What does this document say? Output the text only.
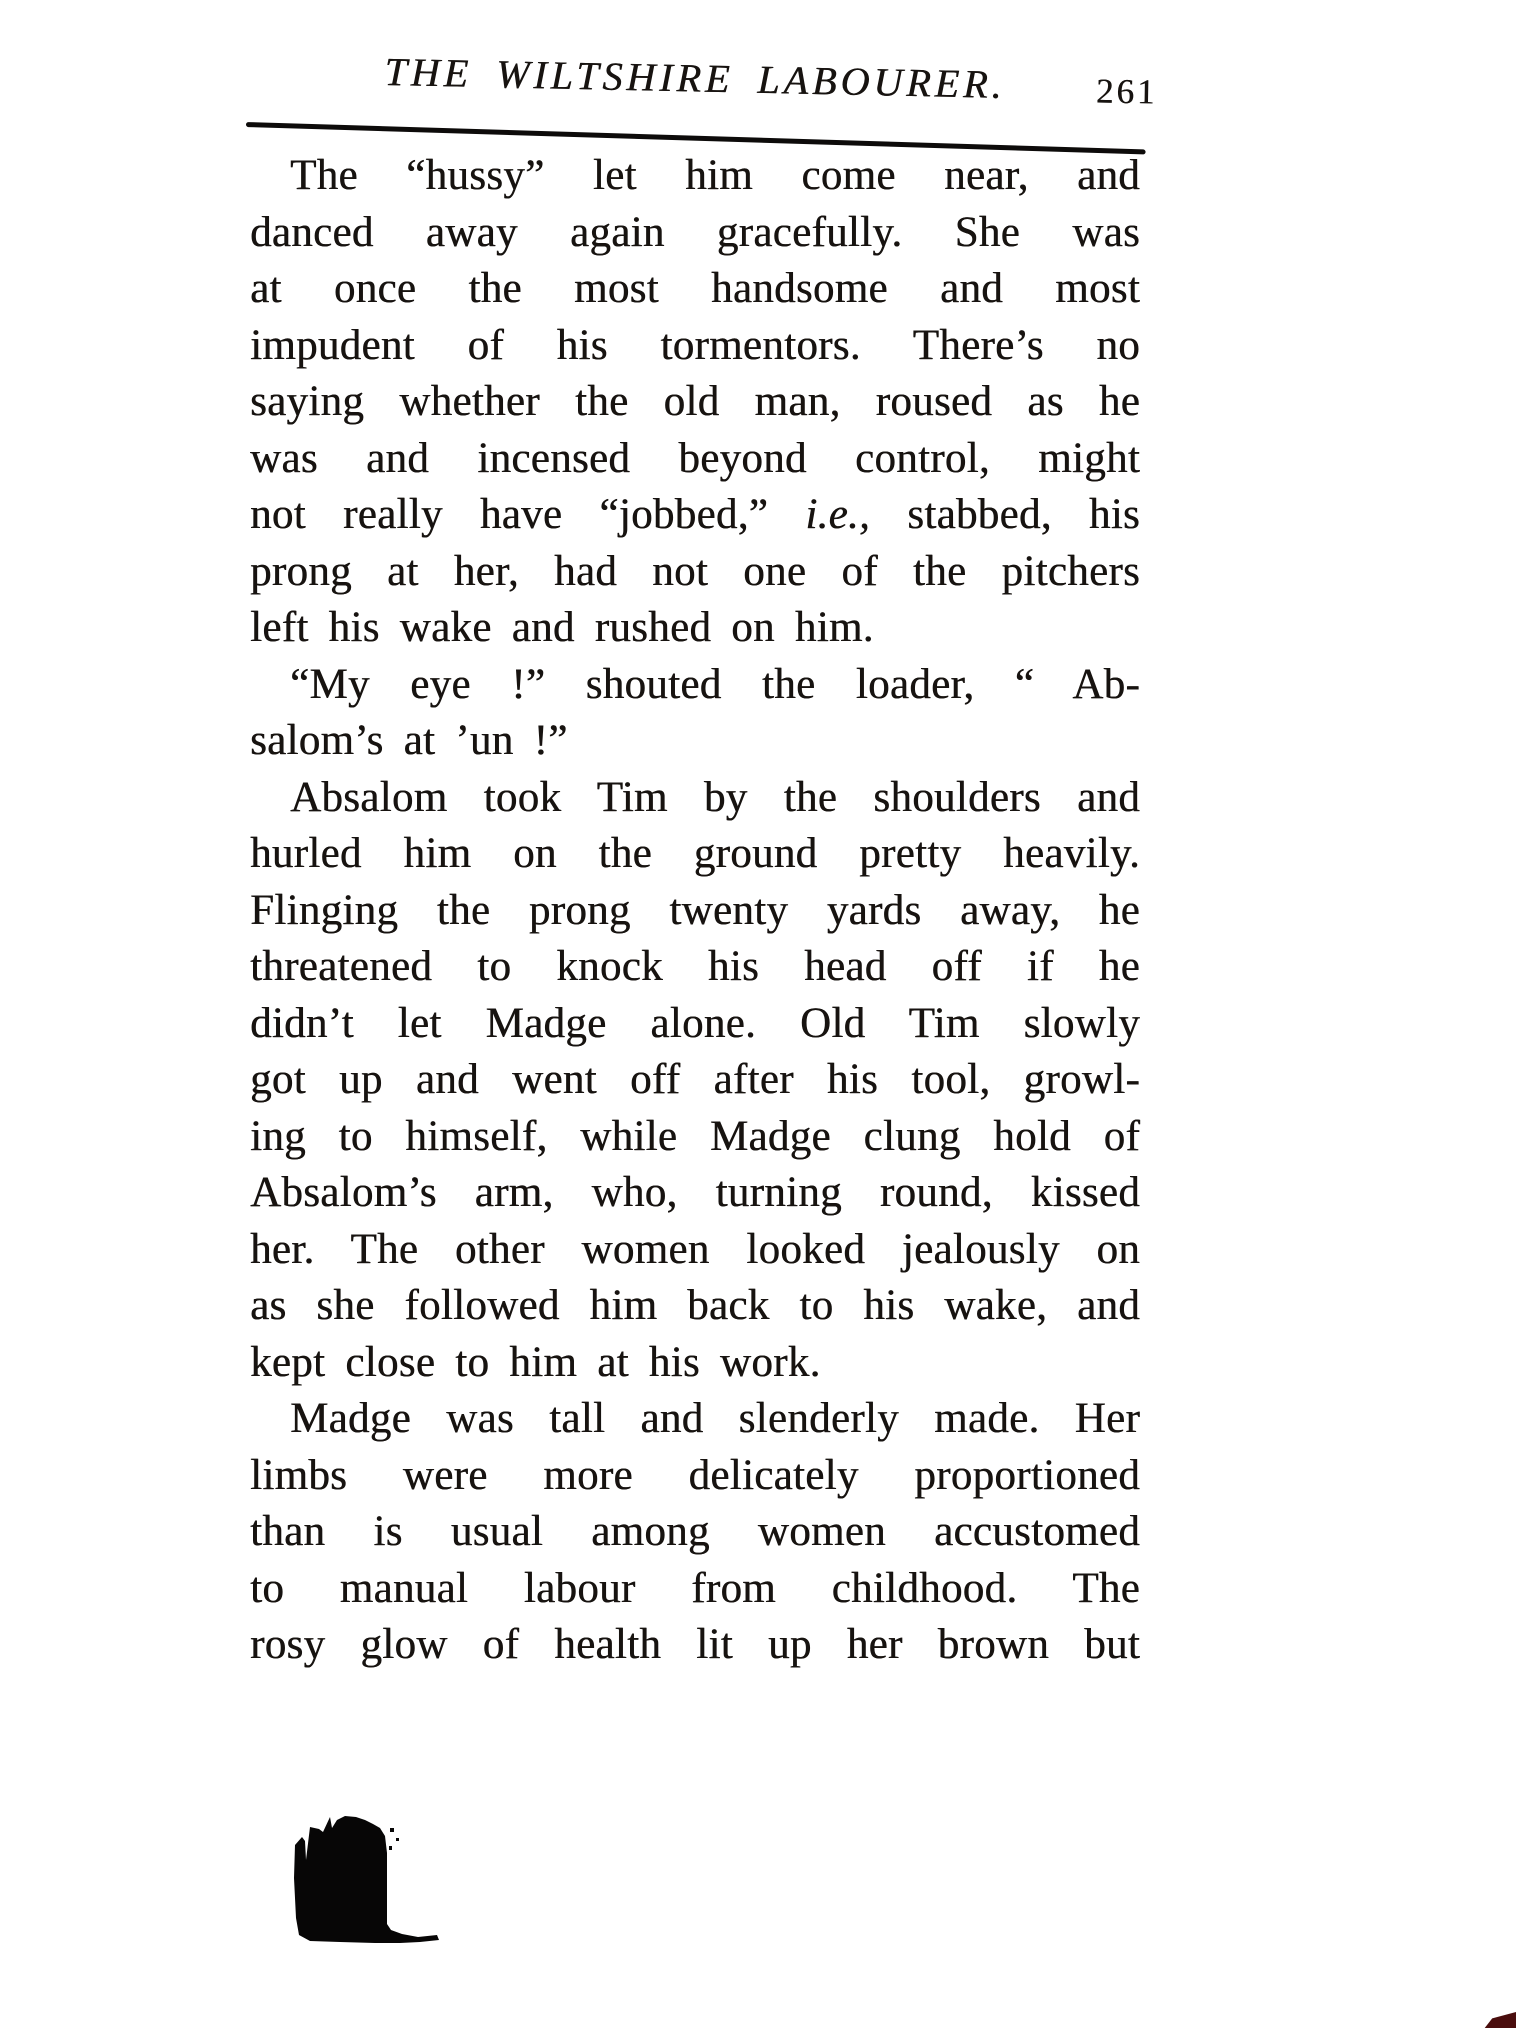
THE WILTSHIRE LABOURER.	261
The “hussy” let him come near, and
danced away again gracefully. She was
at once the most handsome and most
impudent of his tormentors. There’s no
saying whether the old man, roused as he
was and incensed beyond control, might
not really have “jobbed,” i.e., stabbed, his
prong at her, had not one of the pitchers
left his wake and rushed on him.
“My eye !” shouted the loader, “ Ab-
salom’s at ’un !”
Absalom took Tim by the shoulders and
hurled him on the ground pretty heavily.
Flinging the prong twenty yards away, he
threatened to knock his head off if he
didn’t let Madge alone. Old Tim slowly
got up and went off after his tool, growl-
ing to himself, while Madge clung hold of
Absalom’s arm, who, turning round, kissed
her. The other women looked jealously on
as she followed him back to his wake, and
kept close to him at his work.
Madge was tall and slenderly made. Her
limbs were more delicately proportioned
than is usual among women accustomed
to manual labour from childhood. The
rosy glow of health lit up her brown but
